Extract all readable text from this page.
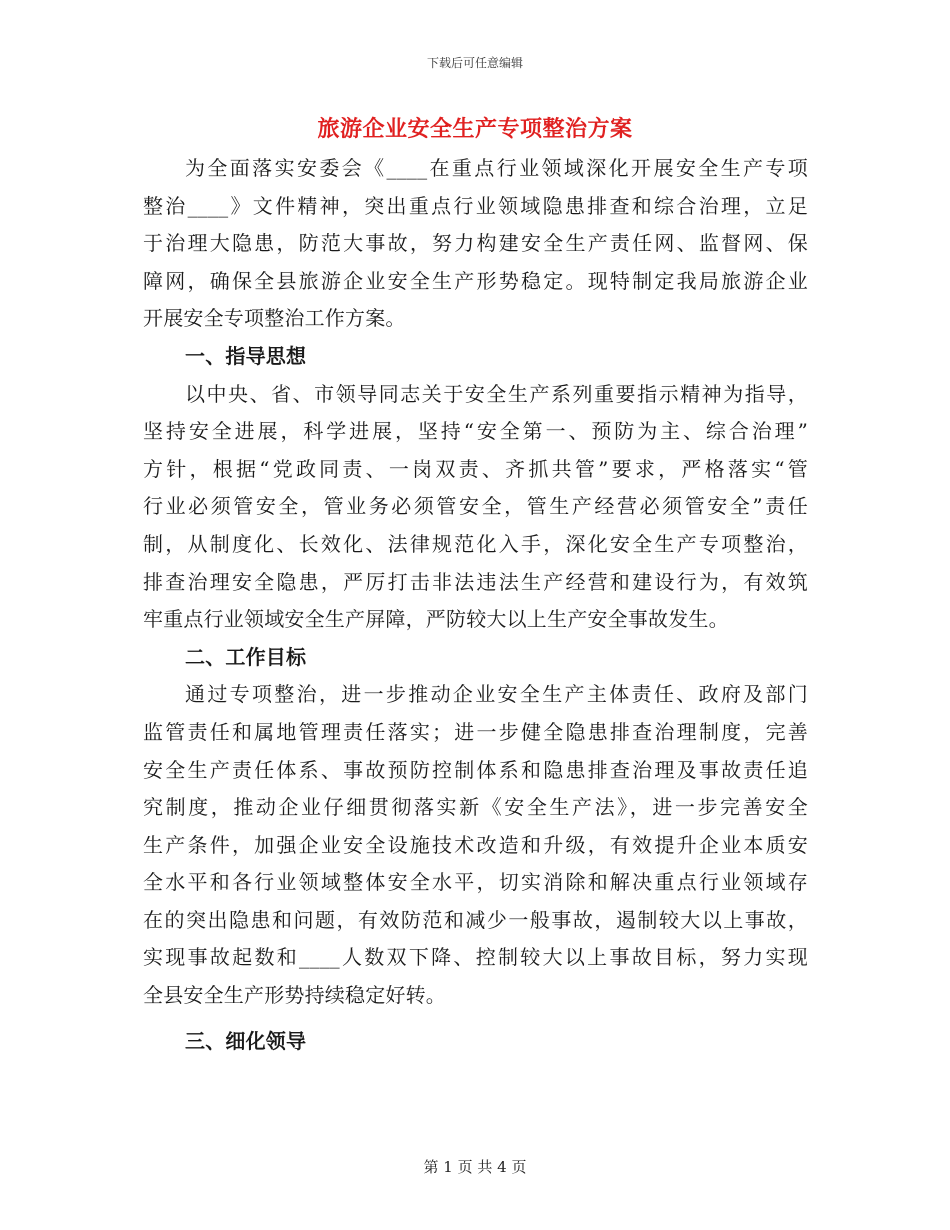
下载后可任意编辑
旅游企业安全生产专项整治方案
为全面落实安委会《____在重点行业领域深化开展安全生产专项
整治____》文件精神，突出重点行业领域隐患排查和综合治理，立足
于治理大隐患，防范大事故，努力构建安全生产责任网、监督网、保
障网，确保全县旅游企业安全生产形势稳定。现特制定我局旅游企业
开展安全专项整治工作方案。
一、指导思想
以中央、省、市领导同志关于安全生产系列重要指示精神为指导，
坚持安全进展，科学进展，坚持“安全第一、预防为主、综合治理”
方针，根据“党政同责、一岗双责、齐抓共管”要求，严格落实“管
行业必须管安全，管业务必须管安全，管生产经营必须管安全”责任
制，从制度化、长效化、法律规范化入手，深化安全生产专项整治，
排查治理安全隐患，严厉打击非法违法生产经营和建设行为，有效筑
牢重点行业领域安全生产屏障，严防较大以上生产安全事故发生。
二、工作目标
通过专项整治，进一步推动企业安全生产主体责任、政府及部门
监管责任和属地管理责任落实；进一步健全隐患排查治理制度，完善
安全生产责任体系、事故预防控制体系和隐患排查治理及事故责任追
究制度，推动企业仔细贯彻落实新《安全生产法》，进一步完善安全
生产条件，加强企业安全设施技术改造和升级，有效提升企业本质安
全水平和各行业领域整体安全水平，切实消除和解决重点行业领域存
在的突出隐患和问题，有效防范和减少一般事故，遏制较大以上事故，
实现事故起数和____人数双下降、控制较大以上事故目标，努力实现
全县安全生产形势持续稳定好转。
三、细化领导
第 1 页 共 4 页
